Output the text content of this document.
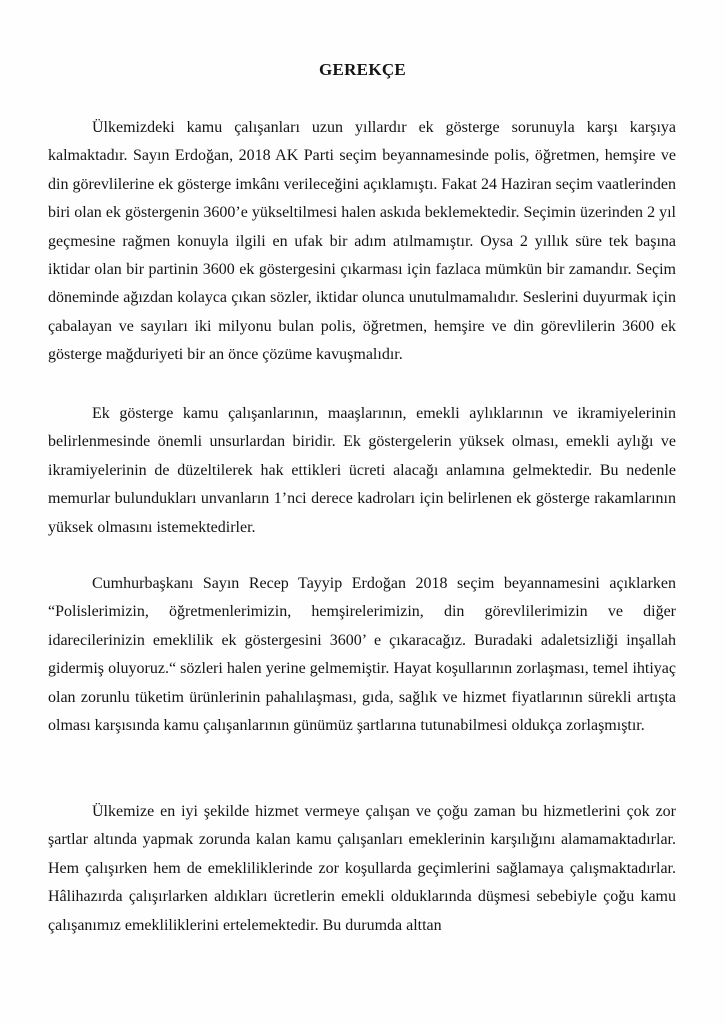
GEREKÇE

Ülkemizdeki kamu çalışanları uzun yıllardır ek gösterge sorunuyla karşı karşıya kalmaktadır. Sayın Erdoğan, 2018 AK Parti seçim beyannamesinde polis, öğretmen, hemşire ve din görevlilerine ek gösterge imkânı verileceğini açıklamıştı. Fakat 24 Haziran seçim vaatlerinden biri olan ek göstergenin 3600’e yükseltilmesi halen askıda beklemektedir. Seçimin üzerinden 2 yıl geçmesine rağmen konuyla ilgili en ufak bir adım atılmamıştır. Oysa 2 yıllık süre tek başına iktidar olan bir partinin 3600 ek göstergesini çıkarması için fazlaca mümkün bir zamandır. Seçim döneminde ağızdan kolayca çıkan sözler, iktidar olunca unutulmamalıdır. Seslerini duyurmak için çabalayan ve sayıları iki milyonu bulan polis, öğretmen, hemşire ve din görevlilerin 3600 ek gösterge mağduriyeti bir an önce çözüme kavuşmalıdır.

Ek gösterge kamu çalışanlarının, maaşlarının, emekli aylıklarının ve ikramiyelerinin belirlenmesinde önemli unsurlardan biridir. Ek göstergelerin yüksek olması, emekli aylığı ve ikramiyelerinin de düzeltilerek hak ettikleri ücreti alacağı anlamına gelmektedir. Bu nedenle memurlar bulundukları unvanların 1’nci derece kadroları için belirlenen ek gösterge rakamlarının yüksek olmasını istemektedirler.

Cumhurbaşkanı Sayın Recep Tayyip Erdoğan 2018 seçim beyannamesini açıklarken “Polislerimizin, öğretmenlerimizin, hemşirelerimizin, din görevlilerimizin ve diğer idarecilerinizin emeklilik ek göstergesini 3600’ e çıkaracağız. Buradaki adaletsizliği inşallah gidermiş oluyoruz.“ sözleri halen yerine gelmemiştir. Hayat koşullarının zorlaşması, temel ihtiyaç olan zorunlu tüketim ürünlerinin pahalılaşması, gıda, sağlık ve hizmet fiyatlarının sürekli artışta olması karşısında kamu çalışanlarının günümüz şartlarına tutunabilmesi oldukça zorlaşmıştır.

Ülkemize en iyi şekilde hizmet vermeye çalışan ve çoğu zaman bu hizmetlerini çok zor şartlar altında yapmak zorunda kalan kamu çalışanları emeklerinin karşılığını alamamaktadırlar. Hem çalışırken hem de emekliliklerinde zor koşullarda geçimlerini sağlamaya çalışmaktadırlar. Hâlihazırda çalışırlarken aldıkları ücretlerin emekli olduklarında düşmesi sebebiyle çoğu kamu çalışanımız emekliliklerini ertelemektedir. Bu durumda alttan
